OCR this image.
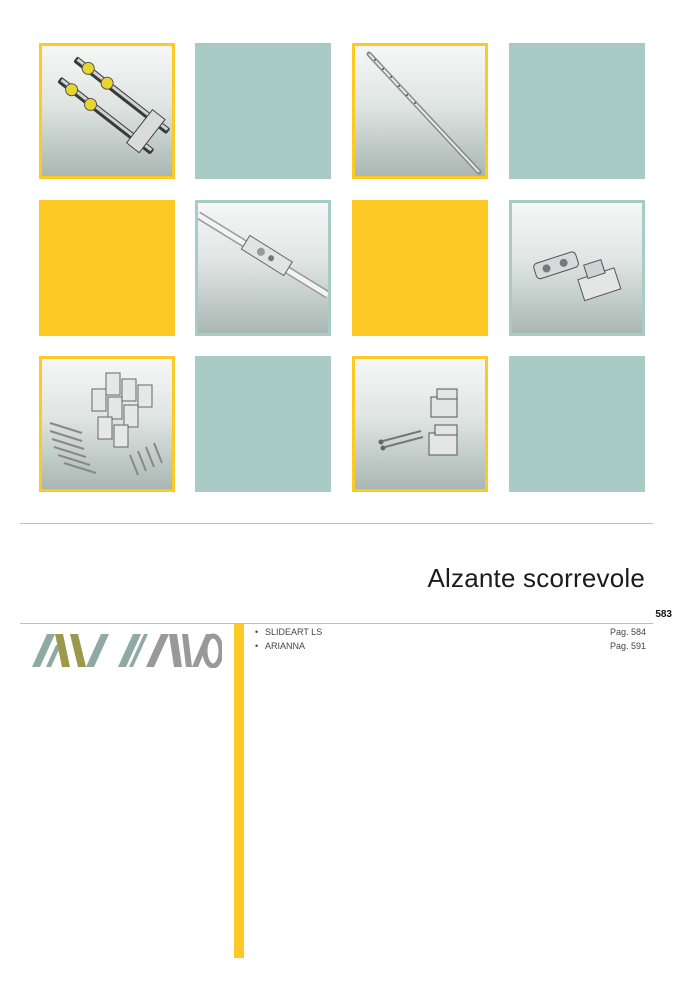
Alzante scorrevole
583
• SLIDEART LS	Pag. 584
• ARIANNA	Pag. 591
